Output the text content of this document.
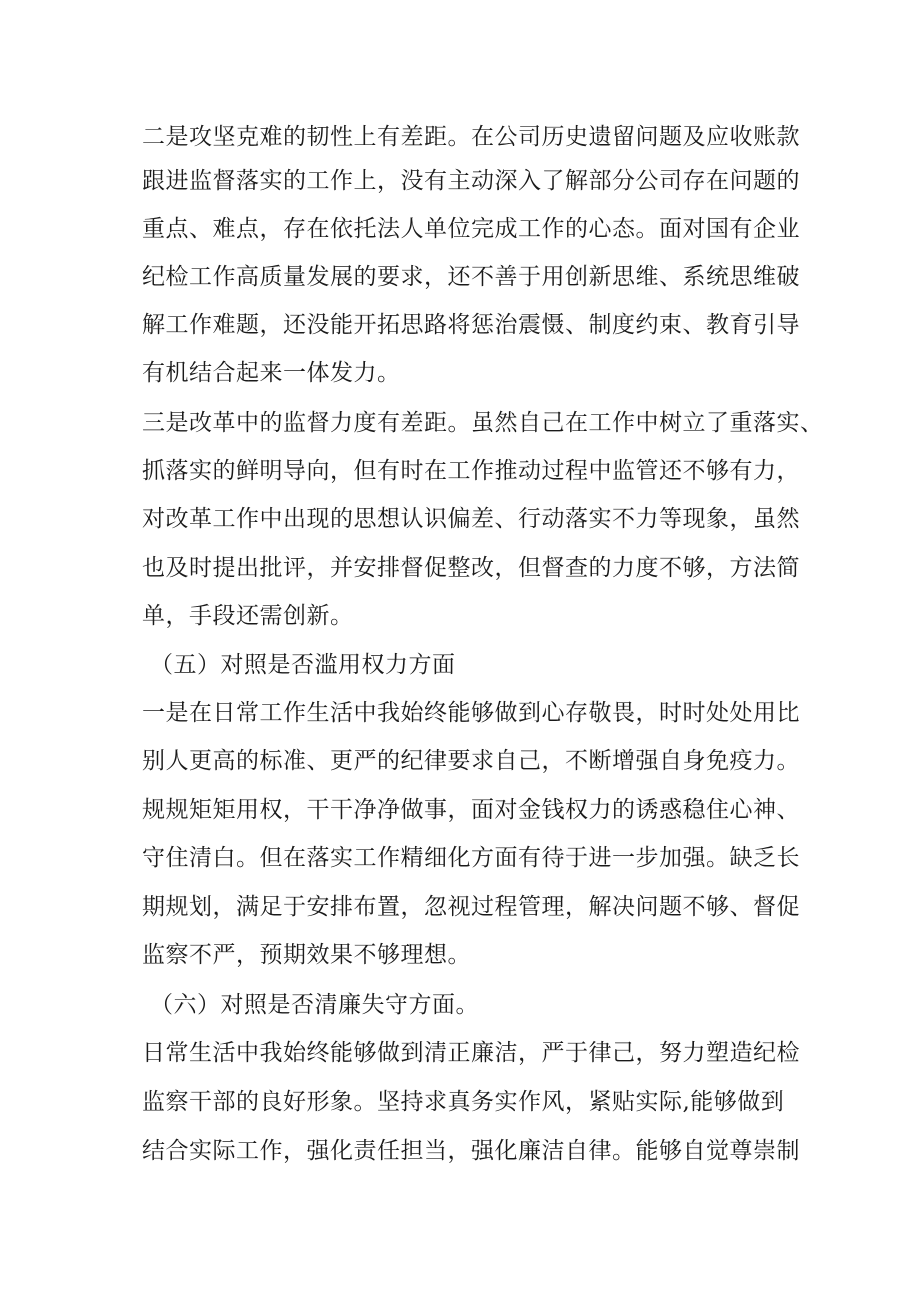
二是攻坚克难的韧性上有差距。在公司历史遗留问题及应收账款
跟进监督落实的工作上，没有主动深入了解部分公司存在问题的
重点、难点，存在依托法人单位完成工作的心态。面对国有企业
纪检工作高质量发展的要求，还不善于用创新思维、系统思维破
解工作难题，还没能开拓思路将惩治震慑、制度约束、教育引导
有机结合起来一体发力。
三是改革中的监督力度有差距。虽然自己在工作中树立了重落实、
抓落实的鲜明导向，但有时在工作推动过程中监管还不够有力，
对改革工作中出现的思想认识偏差、行动落实不力等现象，虽然
也及时提出批评，并安排督促整改，但督查的力度不够，方法简
单，手段还需创新。
（五）对照是否滥用权力方面
一是在日常工作生活中我始终能够做到心存敬畏，时时处处用比
别人更高的标准、更严的纪律要求自己，不断增强自身免疫力。
规规矩矩用权，干干净净做事，面对金钱权力的诱惑稳住心神、
守住清白。但在落实工作精细化方面有待于进一步加强。缺乏长
期规划，满足于安排布置，忽视过程管理，解决问题不够、督促
监察不严，预期效果不够理想。
（六）对照是否清廉失守方面。
日常生活中我始终能够做到清正廉洁，严于律己，努力塑造纪检
监察干部的良好形象。坚持求真务实作风，紧贴实际,能够做到
结合实际工作，强化责任担当，强化廉洁自律。能够自觉尊崇制
